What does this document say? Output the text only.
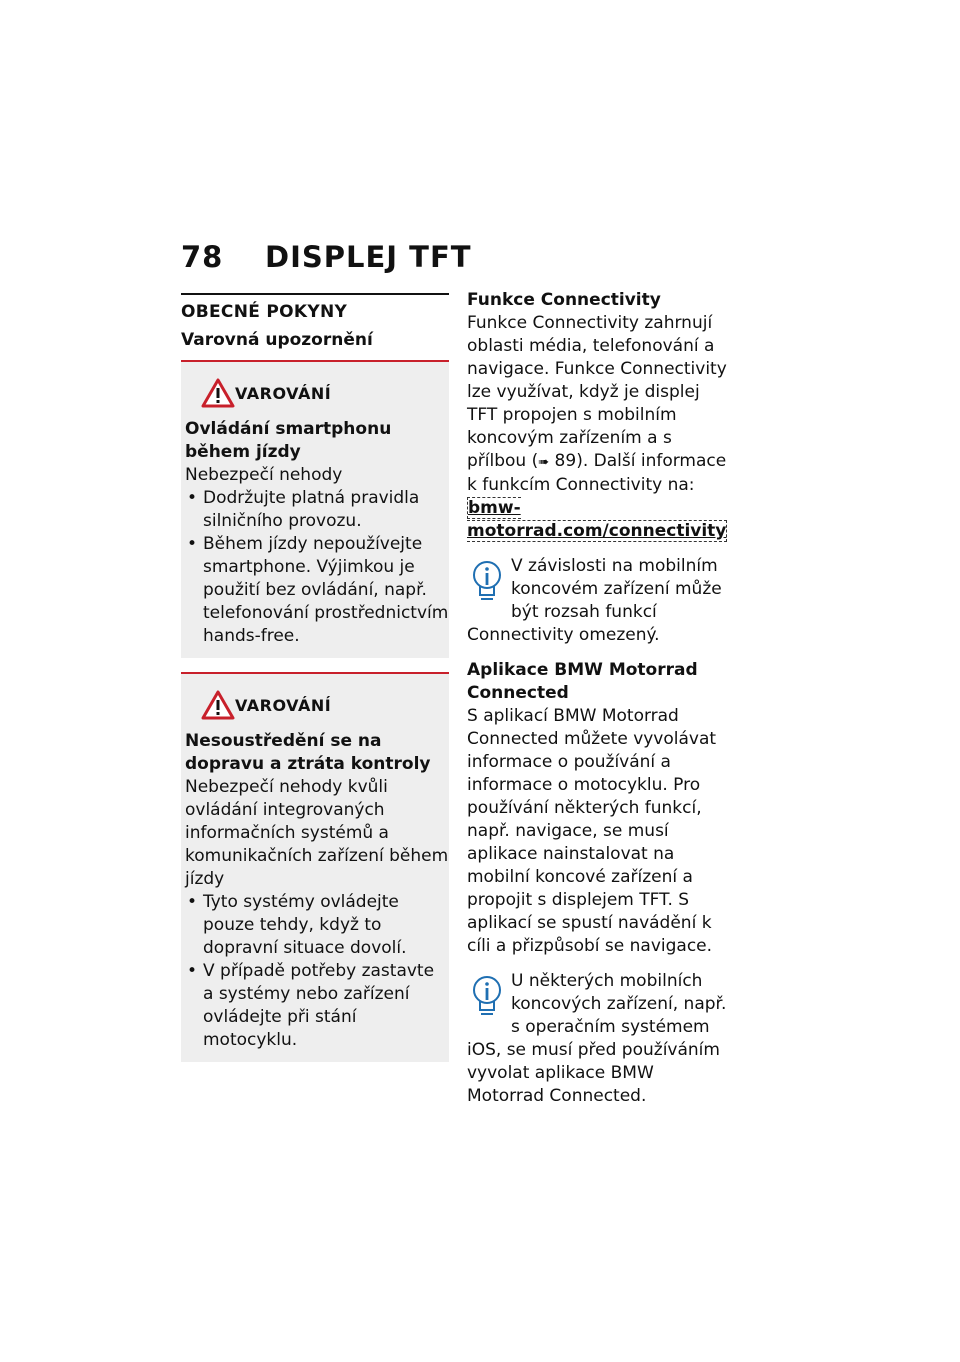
78 DISPLEJ TFT
OBECNÉ POKYNY
Varovná upozornění
VAROVÁNÍ
Ovládání smartphonu během jízdy
Nebezpečí nehody
• Dodržujte platná pravidla silničního provozu.
• Během jízdy nepoužívejte smartphone. Výjimkou je použití bez ovládání, např. telefonování prostřednictvím hands-free.
VAROVÁNÍ
Nesoustředění se na dopravu a ztráta kontroly
Nebezpečí nehody kvůli ovládání integrovaných informačních systémů a komunikačních zařízení během jízdy
• Tyto systémy ovládejte pouze tehdy, když to dopravní situace dovolí.
• V případě potřeby zastavte a systémy nebo zařízení ovládejte při stání motocyklu.
Funkce Connectivity
Funkce Connectivity zahrnují oblasti média, telefonování a navigace. Funkce Connectivity lze využívat, když je displej TFT propojen s mobilním koncovým zařízením a s přílbou (➠ 89). Další informace k funkcím Connectivity na: bmw-motorrad.com/connectivity
V závislosti na mobilním koncovém zařízení může být rozsah funkcí Connectivity omezený.
Aplikace BMW Motorrad Connected
S aplikací BMW Motorrad Connected můžete vyvolávat informace o používání a informace o motocyklu. Pro používání některých funkcí, např. navigace, se musí aplikace nainstalovat na mobilní koncové zařízení a propojit s displejem TFT. S aplikací se spustí navádění k cíli a přizpůsobí se navigace.
U některých mobilních koncových zařízení, např. s operačním systémem iOS, se musí před používáním vyvolat aplikace BMW Motorrad Connected.
